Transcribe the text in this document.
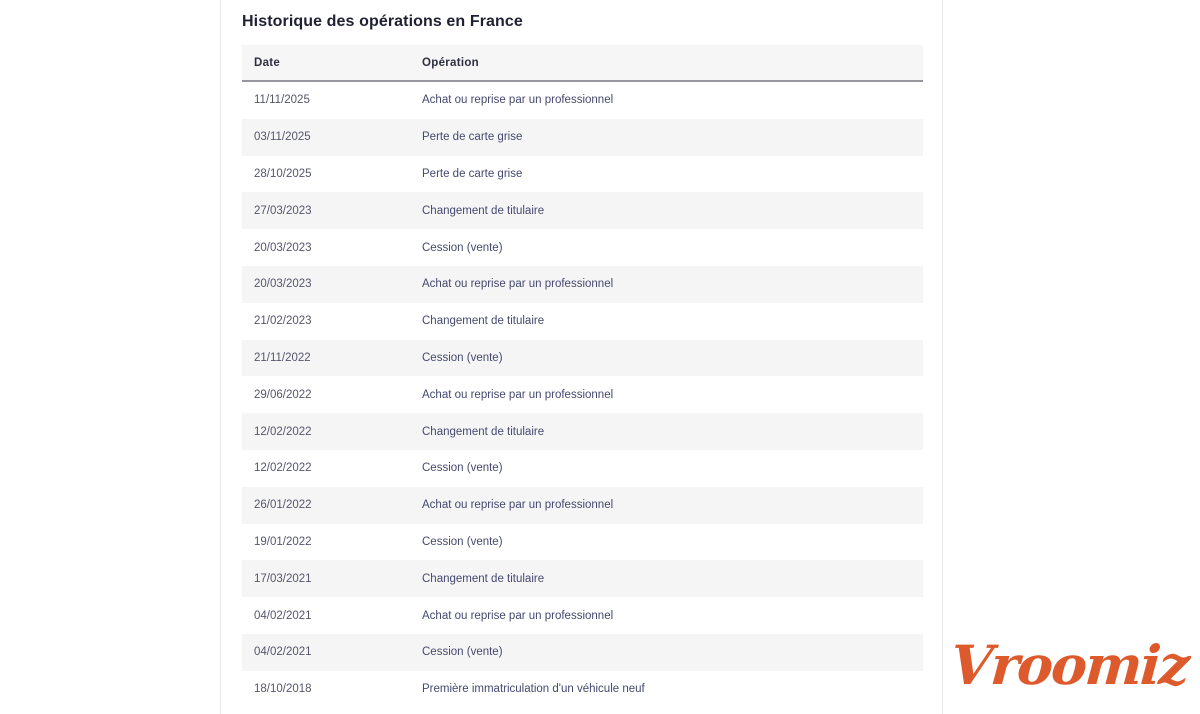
Historique des opérations en France
Date	Opération
11/11/2025	Achat ou reprise par un professionnel
03/11/2025	Perte de carte grise
28/10/2025	Perte de carte grise
27/03/2023	Changement de titulaire
20/03/2023	Cession (vente)
20/03/2023	Achat ou reprise par un professionnel
21/02/2023	Changement de titulaire
21/11/2022	Cession (vente)
29/06/2022	Achat ou reprise par un professionnel
12/02/2022	Changement de titulaire
12/02/2022	Cession (vente)
26/01/2022	Achat ou reprise par un professionnel
19/01/2022	Cession (vente)
17/03/2021	Changement de titulaire
04/02/2021	Achat ou reprise par un professionnel
04/02/2021	Cession (vente)
18/10/2018	Première immatriculation d'un véhicule neuf	Vroomiz
